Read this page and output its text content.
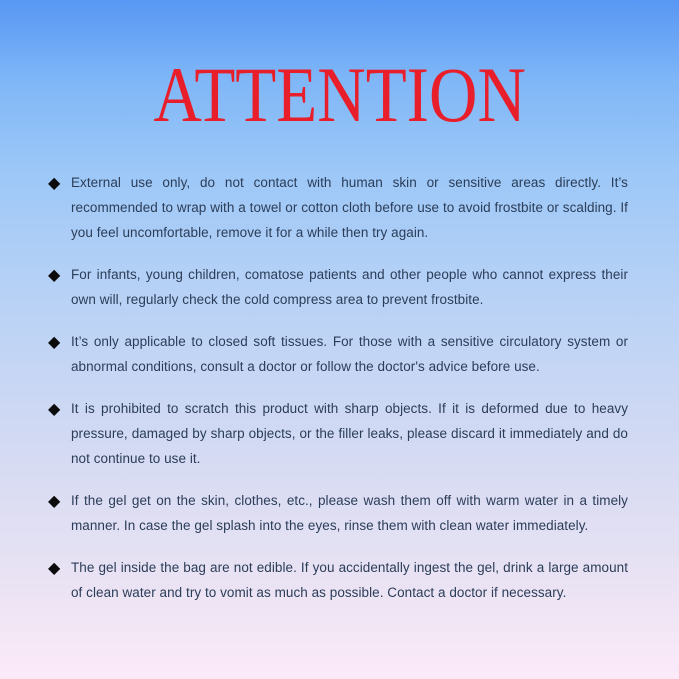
ATTENTION
◆ External use only, do not contact with human skin or sensitive areas directly. It’s recommended to wrap with a towel or cotton cloth before use to avoid frostbite or scalding. If you feel uncomfortable, remove it for a while then try again.

◆ For infants, young children, comatose patients and other people who cannot express their own will, regularly check the cold compress area to prevent frostbite.

◆ It’s only applicable to closed soft tissues. For those with a sensitive circulatory system or abnormal conditions, consult a doctor or follow the doctor's advice before use.

◆ It is prohibited to scratch this product with sharp objects. If it is deformed due to heavy pressure, damaged by sharp objects, or the filler leaks, please discard it immediately and do not continue to use it.

◆ If the gel get on the skin, clothes, etc., please wash them off with warm water in a timely manner. In case the gel splash into the eyes, rinse them with clean water immediately.

◆ The gel inside the bag are not edible. If you accidentally ingest the gel, drink a large amount of clean water and try to vomit as much as possible. Contact a doctor if necessary.
